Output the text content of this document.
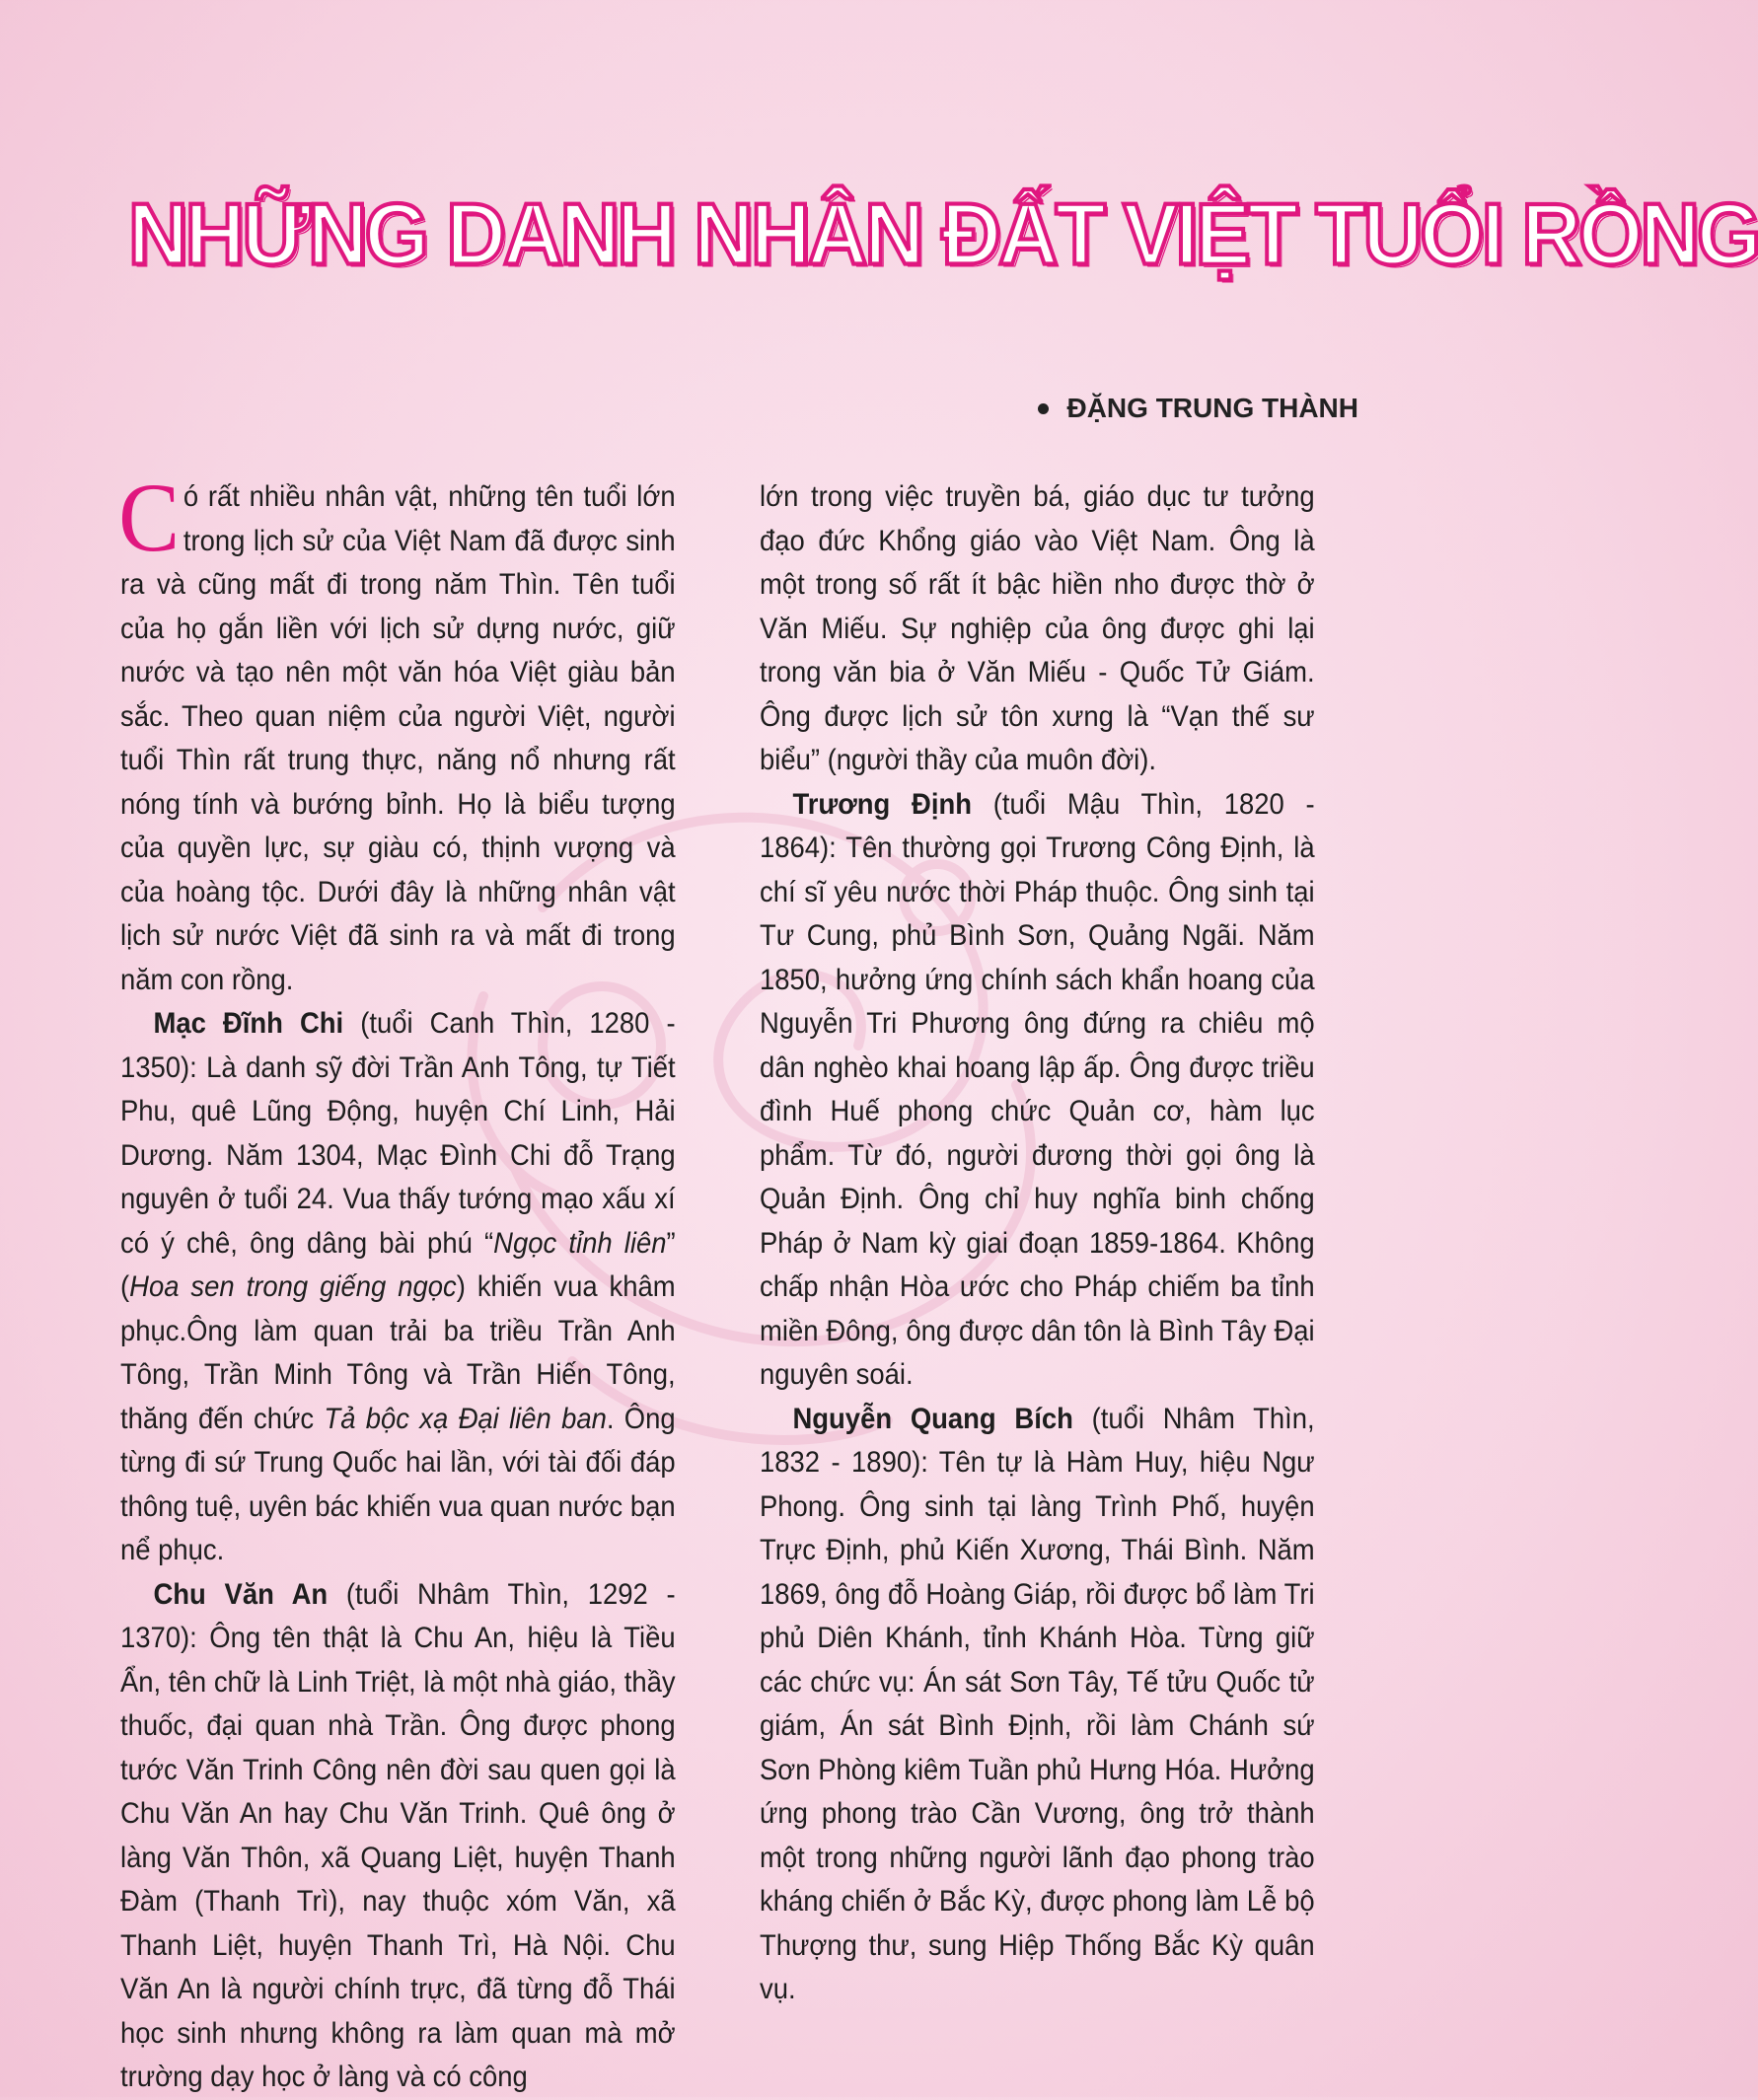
NHỮNG DANH NHÂN ĐẤT VIỆT TUỔI RỒNG
ĐẶNG TRUNG THÀNH

Có rất nhiều nhân vật, những tên tuổi lớn trong lịch sử của Việt Nam đã được sinh ra và cũng mất đi trong năm Thìn. Tên tuổi của họ gắn liền với lịch sử dựng nước, giữ nước và tạo nên một văn hóa Việt giàu bản sắc. Theo quan niệm của người Việt, người tuổi Thìn rất trung thực, năng nổ nhưng rất nóng tính và bướng bỉnh. Họ là biểu tượng của quyền lực, sự giàu có, thịnh vượng và của hoàng tộc. Dưới đây là những nhân vật lịch sử nước Việt đã sinh ra và mất đi trong năm con rồng.

Mạc Đĩnh Chi (tuổi Canh Thìn, 1280 - 1350): Là danh sỹ đời Trần Anh Tông, tự Tiết Phu, quê Lũng Động, huyện Chí Linh, Hải Dương. Năm 1304, Mạc Đình Chi đỗ Trạng nguyên ở tuổi 24. Vua thấy tướng mạo xấu xí có ý chê, ông dâng bài phú “Ngọc tỉnh liên” (Hoa sen trong giếng ngọc) khiến vua khâm phục.Ông làm quan trải ba triều Trần Anh Tông, Trần Minh Tông và Trần Hiến Tông, thăng đến chức Tả bộc xạ Đại liên ban. Ông từng đi sứ Trung Quốc hai lần, với tài đối đáp thông tuệ, uyên bác khiến vua quan nước bạn nể phục.

Chu Văn An (tuổi Nhâm Thìn, 1292 - 1370): Ông tên thật là Chu An, hiệu là Tiều Ẩn, tên chữ là Linh Triệt, là một nhà giáo, thầy thuốc, đại quan nhà Trần. Ông được phong tước Văn Trinh Công nên đời sau quen gọi là Chu Văn An hay Chu Văn Trinh. Quê ông ở làng Văn Thôn, xã Quang Liệt, huyện Thanh Đàm (Thanh Trì), nay thuộc xóm Văn, xã Thanh Liệt, huyện Thanh Trì, Hà Nội. Chu Văn An là người chính trực, đã từng đỗ Thái học sinh nhưng không ra làm quan mà mở trường dạy học ở làng và có công

lớn trong việc truyền bá, giáo dục tư tưởng đạo đức Khổng giáo vào Việt Nam. Ông là một trong số rất ít bậc hiền nho được thờ ở Văn Miếu. Sự nghiệp của ông được ghi lại trong văn bia ở Văn Miếu - Quốc Tử Giám. Ông được lịch sử tôn xưng là “Vạn thế sư biểu” (người thầy của muôn đời).

Trương Định (tuổi Mậu Thìn, 1820 - 1864): Tên thường gọi Trương Công Định, là chí sĩ yêu nước thời Pháp thuộc. Ông sinh tại Tư Cung, phủ Bình Sơn, Quảng Ngãi. Năm 1850, hưởng ứng chính sách khẩn hoang của Nguyễn Tri Phương ông đứng ra chiêu mộ dân nghèo khai hoang lập ấp. Ông được triều đình Huế phong chức Quản cơ, hàm lục phẩm. Từ đó, người đương thời gọi ông là Quản Định. Ông chỉ huy nghĩa binh chống Pháp ở Nam kỳ giai đoạn 1859-1864. Không chấp nhận Hòa ước cho Pháp chiếm ba tỉnh miền Đông, ông được dân tôn là Bình Tây Đại nguyên soái.

Nguyễn Quang Bích (tuổi Nhâm Thìn, 1832 - 1890): Tên tự là Hàm Huy, hiệu Ngư Phong. Ông sinh tại làng Trình Phố, huyện Trực Định, phủ Kiến Xương, Thái Bình. Năm 1869, ông đỗ Hoàng Giáp, rồi được bổ làm Tri phủ Diên Khánh, tỉnh Khánh Hòa. Từng giữ các chức vụ: Án sát Sơn Tây, Tế tửu Quốc tử giám, Án sát Bình Định, rồi làm Chánh sứ Sơn Phòng kiêm Tuần phủ Hưng Hóa. Hưởng ứng phong trào Cần Vương, ông trở thành một trong những người lãnh đạo phong trào kháng chiến ở Bắc Kỳ, được phong làm Lễ bộ Thượng thư, sung Hiệp Thống Bắc Kỳ quân vụ.
